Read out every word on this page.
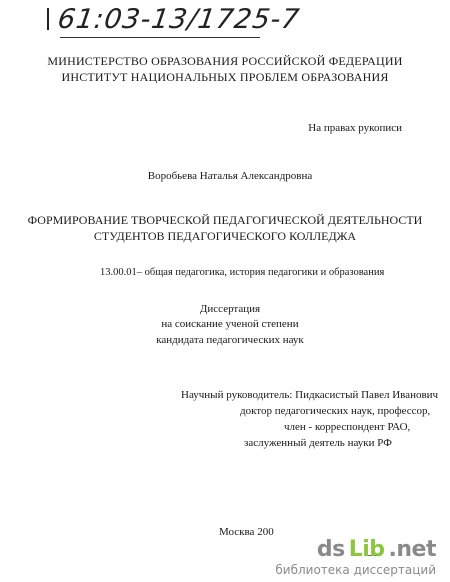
61:03-13/1725-7
МИНИСТЕРСТВО ОБРАЗОВАНИЯ РОССИЙСКОЙ ФЕДЕРАЦИИ
ИНСТИТУТ НАЦИОНАЛЬНЫХ ПРОБЛЕМ ОБРАЗОВАНИЯ
На правах рукописи
Воробьева Наталья Александровна
ФОРМИРОВАНИЕ ТВОРЧЕСКОЙ ПЕДАГОГИЧЕСКОЙ ДЕЯТЕЛЬНОСТИ
СТУДЕНТОВ ПЕДАГОГИЧЕСКОГО КОЛЛЕДЖА
13.00.01– общая педагогика, история педагогики и образования
Диссертация
на соискание ученой степени
кандидата педагогических наук
Научный руководитель: Пидкасистый Павел Иванович
доктор педагогических наук, профессор,
член - корреспондент РАО,
заслуженный деятель науки РФ
Москва 200
ds Lib .net
библиотека диссертаций
